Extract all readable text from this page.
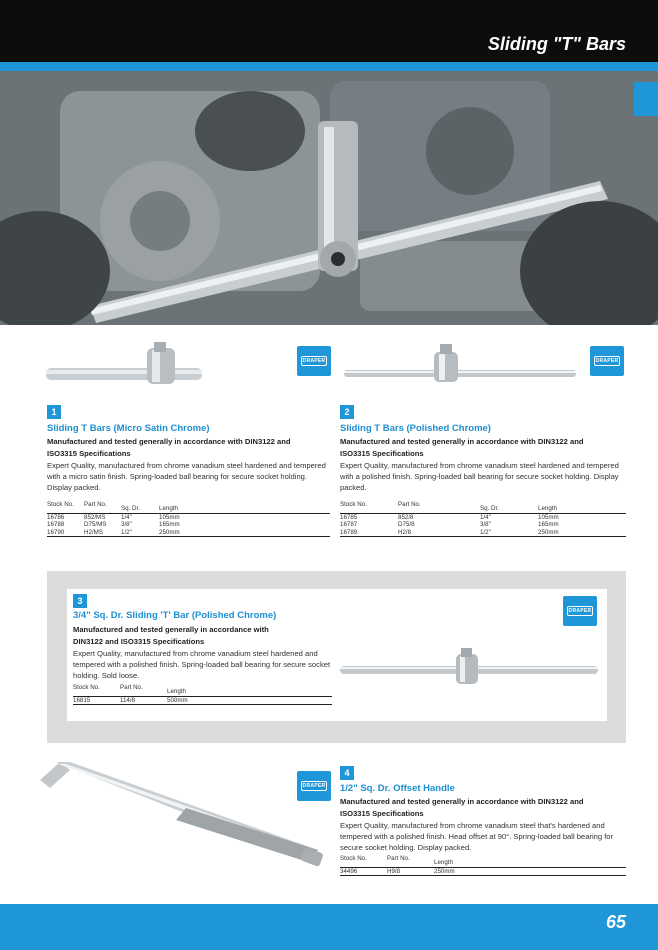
Sliding "T" Bars
DRAPER	DRAPER
1
Sliding T Bars (Micro Satin Chrome)
Manufactured and tested generally in accordance with DIN3122 and ISO3315 Specifications
Expert Quality, manufactured from chrome vanadium steel hardened and tempered with a micro satin finish. Spring-loaded ball bearing for secure socket holding. Display packed.
Stock No.	Part No.
Sq. Dr.	Length
16786	852/MS	1/4"	105mm
16788	D75/MS	3/8"	165mm
16790	H2/MS	1/2"	250mm
2
Sliding T Bars (Polished Chrome)
Manufactured and tested generally in accordance with DIN3122 and ISO3315 Specifications
Expert Quality, manufactured from chrome vanadium steel hardened and tempered with a polished finish. Spring-loaded ball bearing for secure socket holding. Display packed.
Stock No.	Part No.
Sq. Dr.	Length
16785	852/8	1/4"	105mm
16787	D75/8	3/8"	165mm
16789	H2/8	1/2"	250mm
3
3/4" Sq. Dr. Sliding 'T' Bar (Polished Chrome)
Manufactured and tested generally in accordance with DIN3122 and ISO3315 Specifications
Expert Quality, manufactured from chrome vanadium steel hardened and tempered with a polished finish. Spring-loaded ball bearing for secure socket holding. Sold loose.
Stock No.	Part No.
Length
16815	114/8	500mm
DRAPER
DRAPER
4
1/2" Sq. Dr. Offset Handle
Manufactured and tested generally in accordance with DIN3122 and ISO3315 Specifications
Expert Quality, manufactured from chrome vanadium steel that's hardened and tempered with a polished finish. Head offset at 90°. Spring-loaded ball bearing for secure socket holding. Display packed.
Stock No.	Part No.
Length
34496	H9/8	250mm
65
